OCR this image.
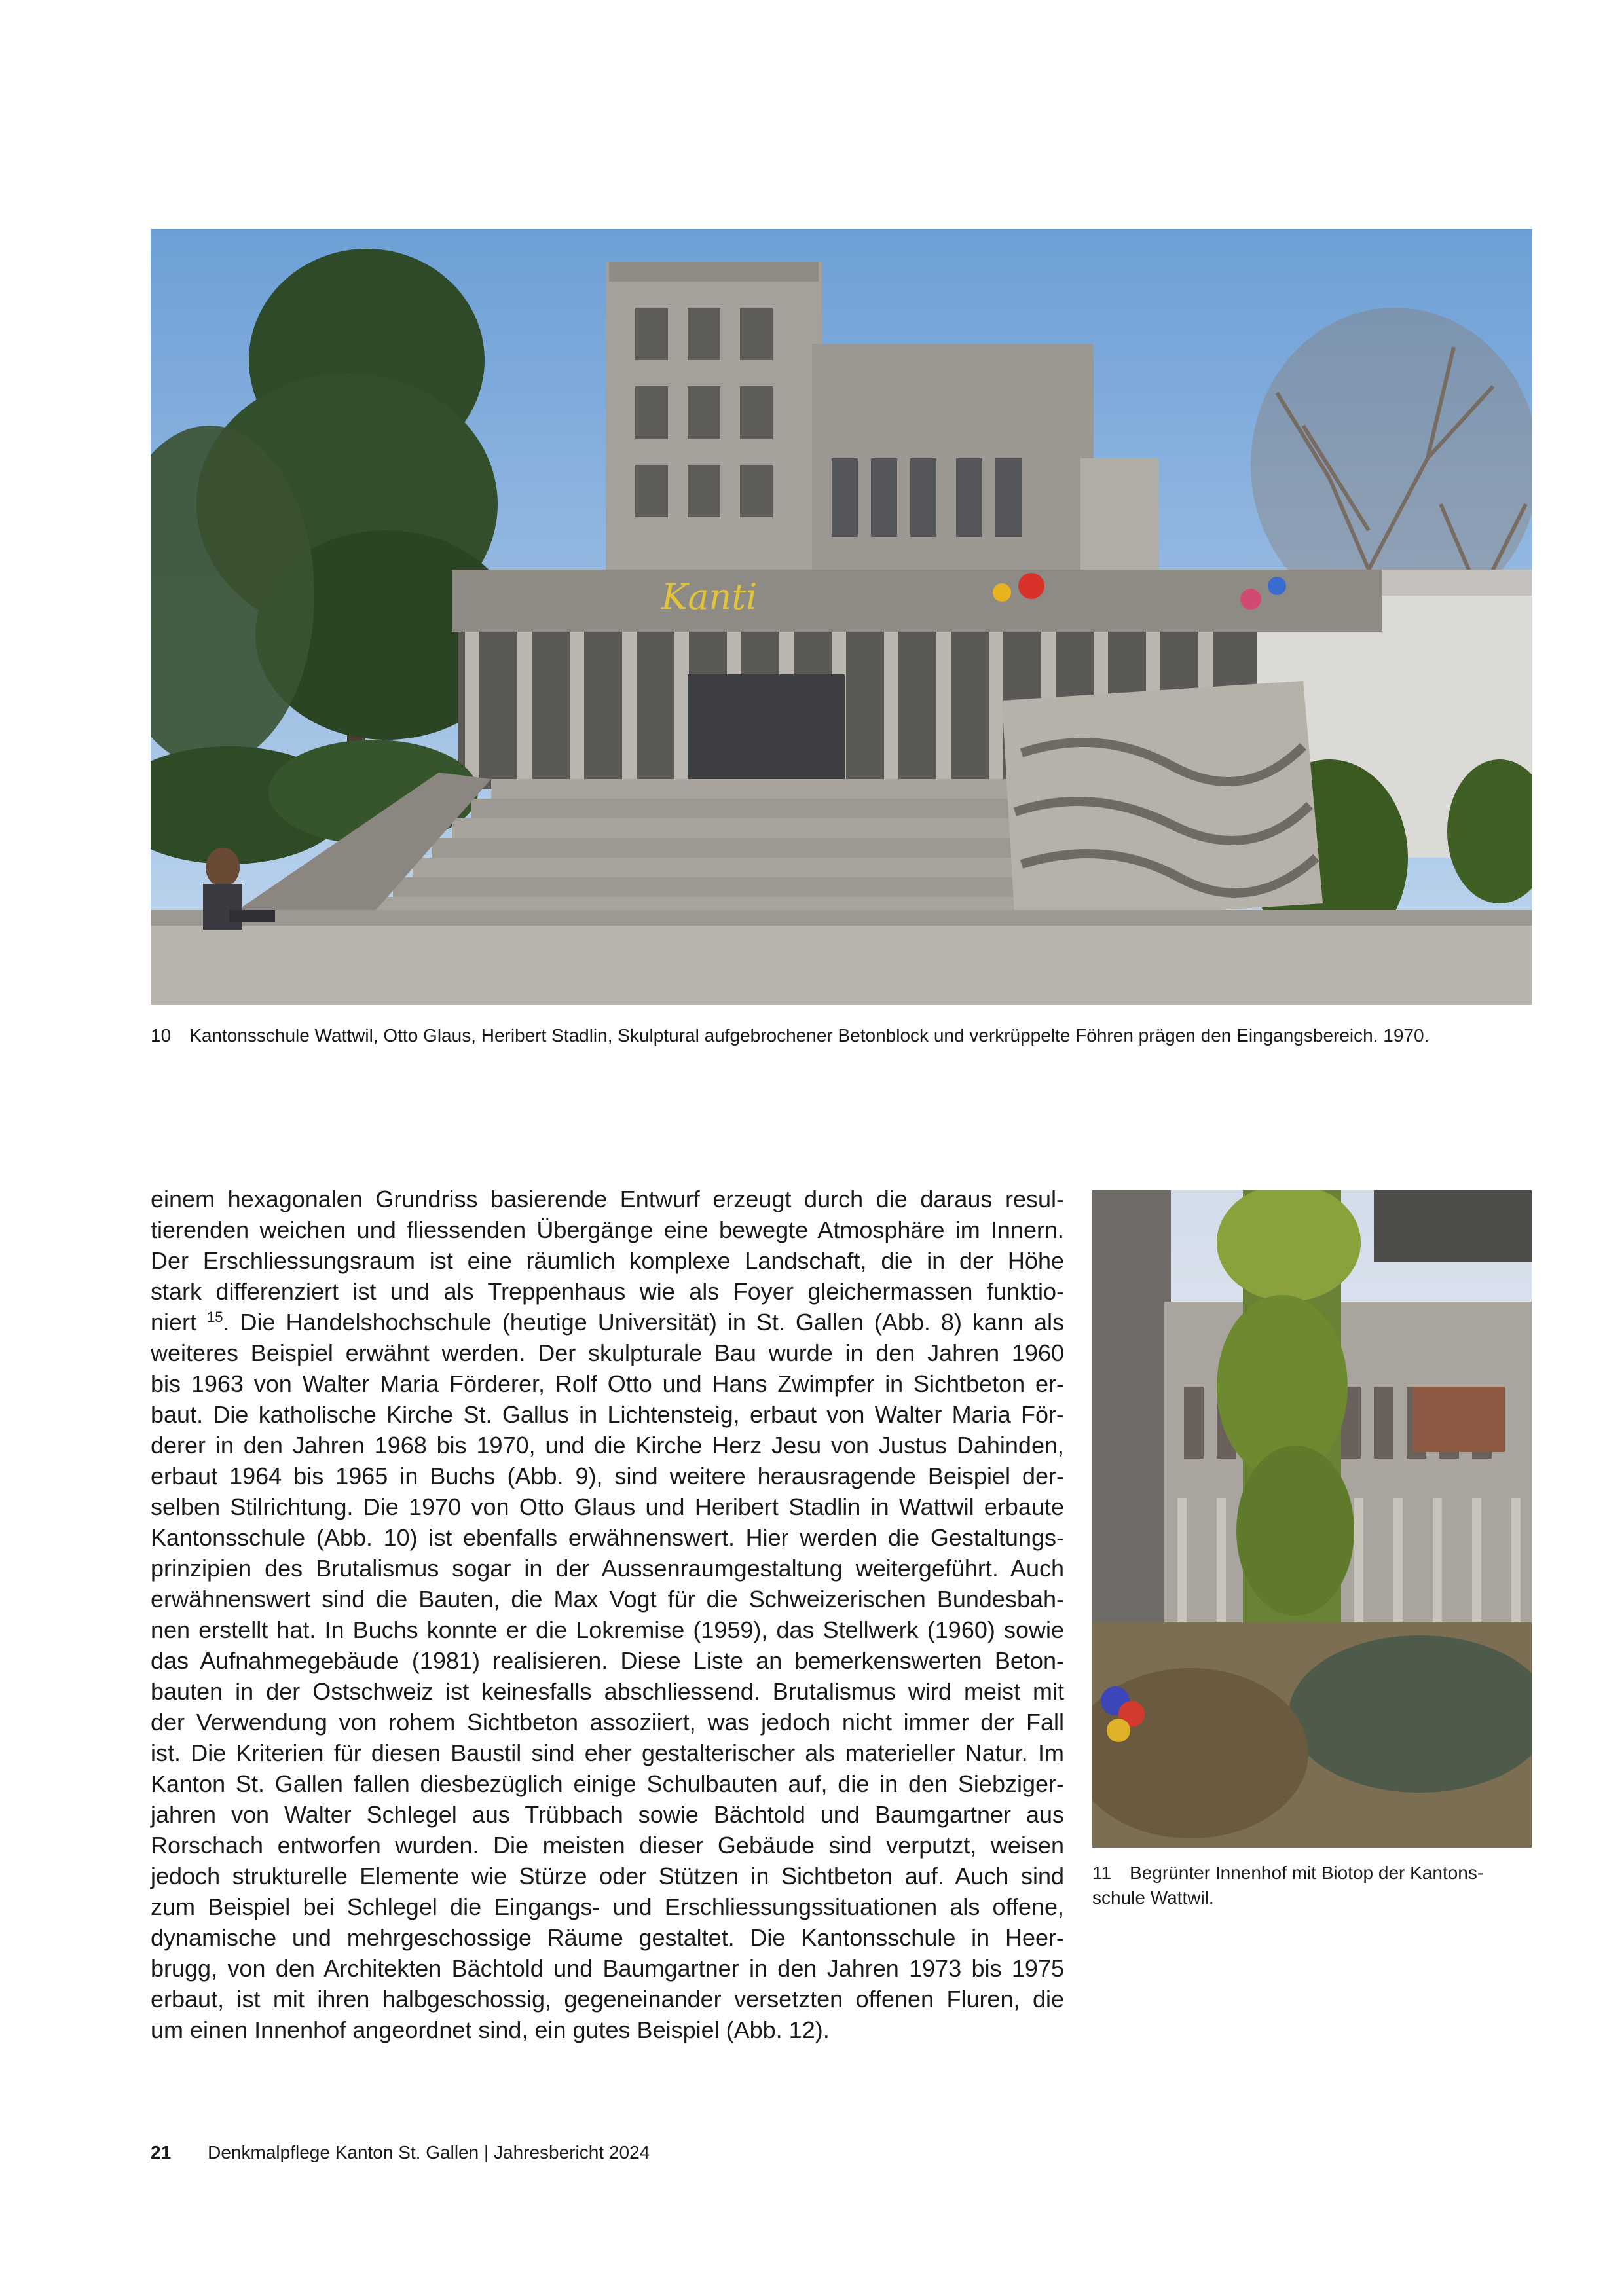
Kanti
10 Kantonsschule Wattwil, Otto Glaus, Heribert Stadlin, Skulptural aufgebrochener Betonblock und verkrüppelte Föhren prägen den Eingangsbereich. 1970.
einem hexagonalen Grundriss basierende Entwurf erzeugt durch die daraus resul-
tierenden weichen und fliessenden Übergänge eine bewegte Atmosphäre im Innern.
Der Erschliessungsraum ist eine räumlich komplexe Landschaft, die in der Höhe
stark differenziert ist und als Treppenhaus wie als Foyer gleichermassen funktio-
niert $^{15}$. Die Handelshochschule (heutige Universität) in St. Gallen (Abb. 8) kann als
weiteres Beispiel erwähnt werden. Der skulpturale Bau wurde in den Jahren 1960
bis 1963 von Walter Maria Förderer, Rolf Otto und Hans Zwimpfer in Sichtbeton er-
baut. Die katholische Kirche St. Gallus in Lichtensteig, erbaut von Walter Maria För-
derer in den Jahren 1968 bis 1970, und die Kirche Herz Jesu von Justus Dahinden,
erbaut 1964 bis 1965 in Buchs (Abb. 9), sind weitere herausragende Beispiel der-
selben Stilrichtung. Die 1970 von Otto Glaus und Heribert Stadlin in Wattwil erbaute
Kantonsschule (Abb. 10) ist ebenfalls erwähnenswert. Hier werden die Gestaltungs-
prinzipien des Brutalismus sogar in der Aussenraumgestaltung weitergeführt. Auch
erwähnenswert sind die Bauten, die Max Vogt für die Schweizerischen Bundesbah-
nen erstellt hat. In Buchs konnte er die Lokremise (1959), das Stellwerk (1960) sowie
das Aufnahmegebäude (1981) realisieren. Diese Liste an bemerkenswerten Beton-
bauten in der Ostschweiz ist keinesfalls abschliessend. Brutalismus wird meist mit
der Verwendung von rohem Sichtbeton assoziiert, was jedoch nicht immer der Fall
ist. Die Kriterien für diesen Baustil sind eher gestalterischer als materieller Natur. Im
Kanton St. Gallen fallen diesbezüglich einige Schulbauten auf, die in den Siebziger-
jahren von Walter Schlegel aus Trübbach sowie Bächtold und Baumgartner aus
Rorschach entworfen wurden. Die meisten dieser Gebäude sind verputzt, weisen
jedoch strukturelle Elemente wie Stürze oder Stützen in Sichtbeton auf. Auch sind
zum Beispiel bei Schlegel die Eingangs- und Erschliessungssituationen als offene,
dynamische und mehrgeschossige Räume gestaltet. Die Kantonsschule in Heer-
brugg, von den Architekten Bächtold und Baumgartner in den Jahren 1973 bis 1975
erbaut, ist mit ihren halbgeschossig, gegeneinander versetzten offenen Fluren, die
um einen Innenhof angeordnet sind, ein gutes Beispiel (Abb. 12).
11 Begrünter Innenhof mit Biotop der Kantons-
schule Wattwil.
21 Denkmalpflege Kanton St. Gallen | Jahresbericht 2024
